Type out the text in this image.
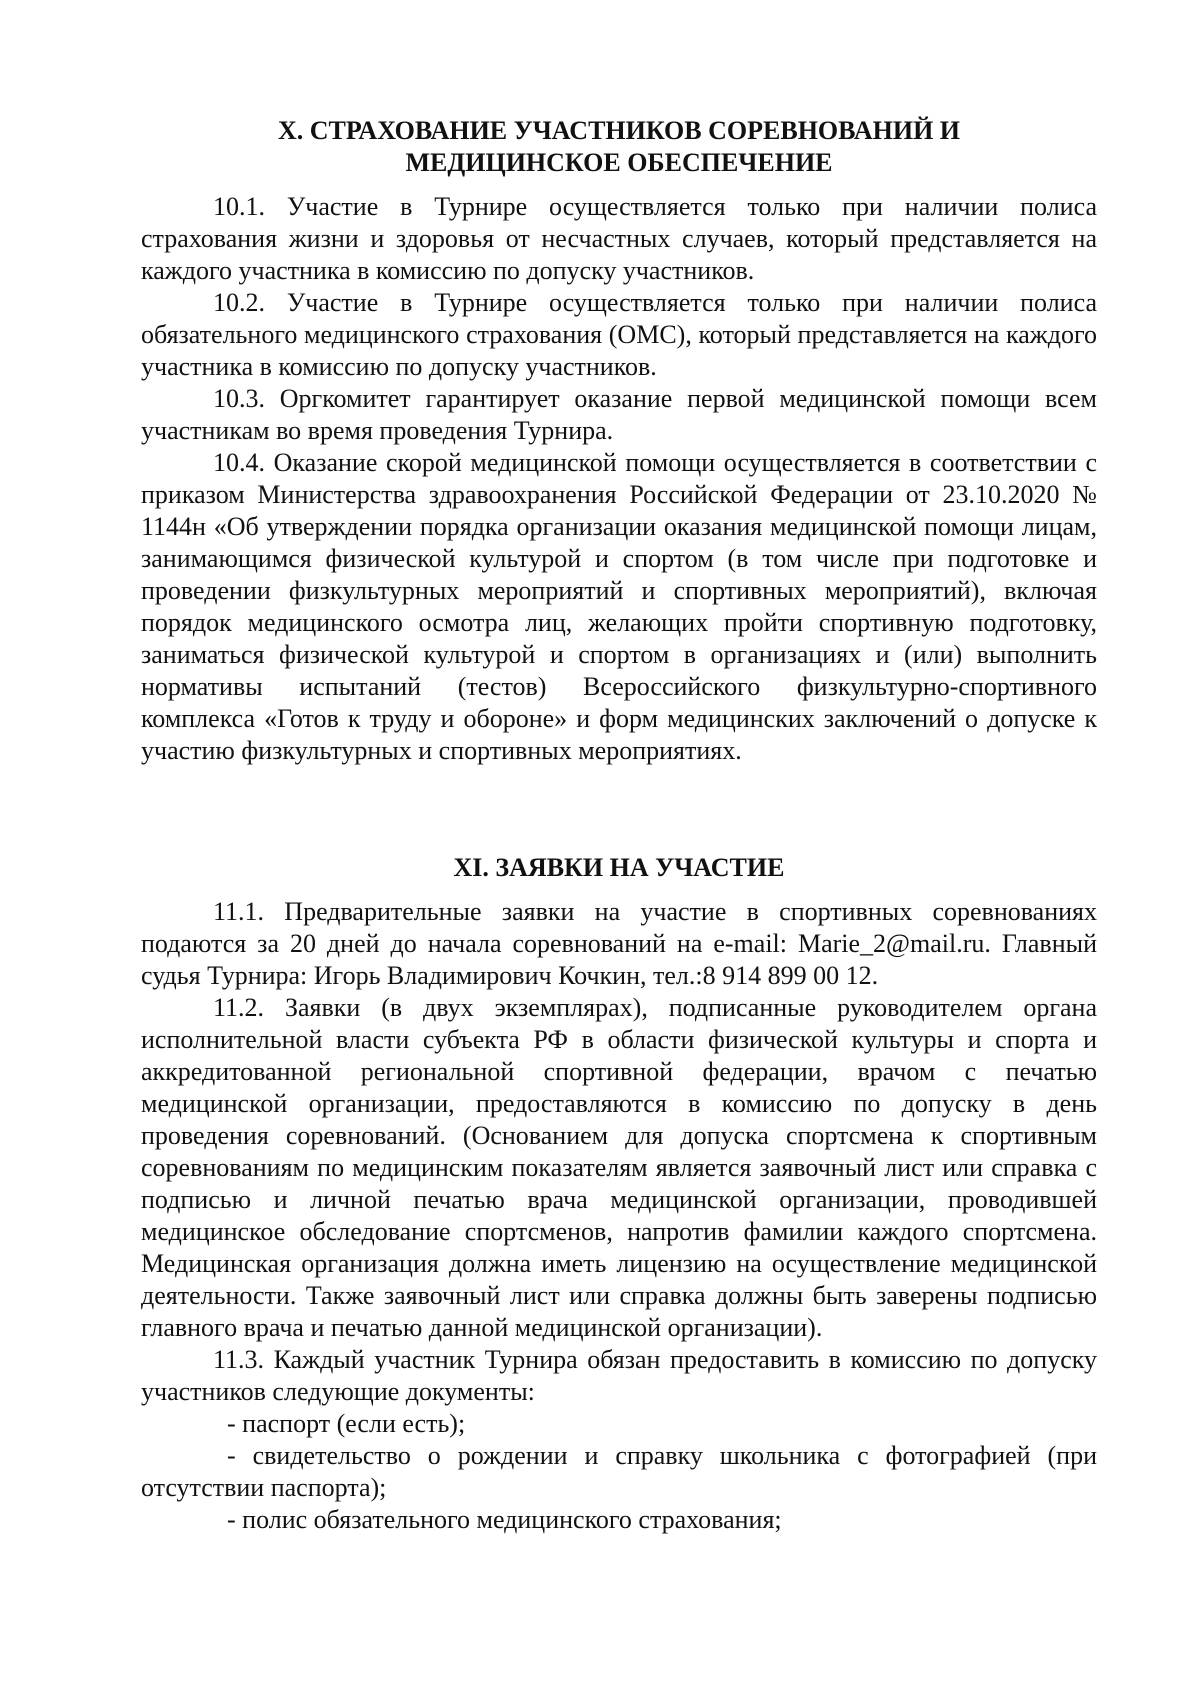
X. СТРАХОВАНИЕ УЧАСТНИКОВ СОРЕВНОВАНИЙ И
МЕДИЦИНСКОЕ ОБЕСПЕЧЕНИЕ

10.1. Участие в Турнире осуществляется только при наличии полиса страхования жизни и здоровья от несчастных случаев, который представляется на каждого участника в комиссию по допуску участников.

10.2. Участие в Турнире осуществляется только при наличии полиса обязательного медицинского страхования (ОМС), который представляется на каждого участника в комиссию по допуску участников.

10.3. Оргкомитет гарантирует оказание первой медицинской помощи всем участникам во время проведения Турнира.

10.4. Оказание скорой медицинской помощи осуществляется в соответствии с приказом Министерства здравоохранения Российской Федерации от 23.10.2020 № 1144н «Об утверждении порядка организации оказания медицинской помощи лицам, занимающимся физической культурой и спортом (в том числе при подготовке и проведении физкультурных мероприятий и спортивных мероприятий), включая порядок медицинского осмотра лиц, желающих пройти спортивную подготовку, заниматься физической культурой и спортом в организациях и (или) выполнить нормативы испытаний (тестов) Всероссийского физкультурно-спортивного комплекса «Готов к труду и обороне» и форм медицинских заключений о допуске к участию физкультурных и спортивных мероприятиях.

XI. ЗАЯВКИ НА УЧАСТИЕ

11.1. Предварительные заявки на участие в спортивных соревнованиях подаются за 20 дней до начала соревнований на e-mail: Marie_2@mail.ru. Главный судья Турнира: Игорь Владимирович Кочкин, тел.:8 914 899 00 12.

11.2. Заявки (в двух экземплярах), подписанные руководителем органа исполнительной власти субъекта РФ в области физической культуры и спорта и аккредитованной региональной спортивной федерации, врачом с печатью медицинской организации, предоставляются в комиссию по допуску в день проведения соревнований. (Основанием для допуска спортсмена к спортивным соревнованиям по медицинским показателям является заявочный лист или справка с подписью и личной печатью врача медицинской организации, проводившей медицинское обследование спортсменов, напротив фамилии каждого спортсмена. Медицинская организация должна иметь лицензию на осуществление медицинской деятельности. Также заявочный лист или справка должны быть заверены подписью главного врача и печатью данной медицинской организации).

11.3. Каждый участник Турнира обязан предоставить в комиссию по допуску участников следующие документы:

- паспорт (если есть);

- свидетельство о рождении и справку школьника с фотографией (при отсутствии паспорта);

- полис обязательного медицинского страхования;
